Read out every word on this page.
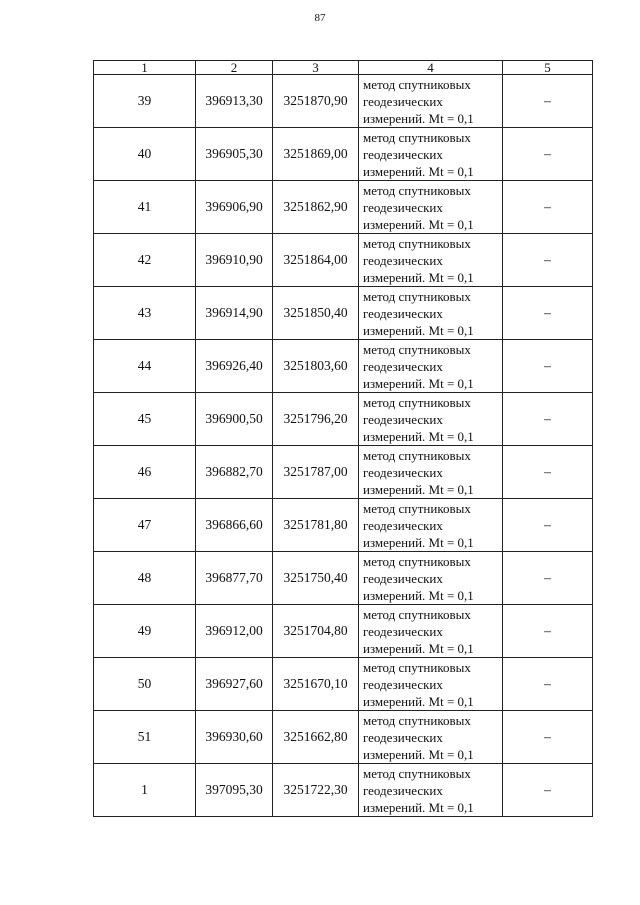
87
1	2	3	4	5
39	396913,30	3251870,90	метод спутниковых
геодезических
измерений. Mt = 0,1	–
40	396905,30	3251869,00	метод спутниковых
геодезических
измерений. Mt = 0,1	–
41	396906,90	3251862,90	метод спутниковых
геодезических
измерений. Mt = 0,1	–
42	396910,90	3251864,00	метод спутниковых
геодезических
измерений. Mt = 0,1	–
43	396914,90	3251850,40	метод спутниковых
геодезических
измерений. Mt = 0,1	–
44	396926,40	3251803,60	метод спутниковых
геодезических
измерений. Mt = 0,1	–
45	396900,50	3251796,20	метод спутниковых
геодезических
измерений. Mt = 0,1	–
46	396882,70	3251787,00	метод спутниковых
геодезических
измерений. Mt = 0,1	–
47	396866,60	3251781,80	метод спутниковых
геодезических
измерений. Mt = 0,1	–
48	396877,70	3251750,40	метод спутниковых
геодезических
измерений. Mt = 0,1	–
49	396912,00	3251704,80	метод спутниковых
геодезических
измерений. Mt = 0,1	–
50	396927,60	3251670,10	метод спутниковых
геодезических
измерений. Mt = 0,1	–
51	396930,60	3251662,80	метод спутниковых
геодезических
измерений. Mt = 0,1	–
1	397095,30	3251722,30	метод спутниковых
геодезических
измерений. Mt = 0,1	–
